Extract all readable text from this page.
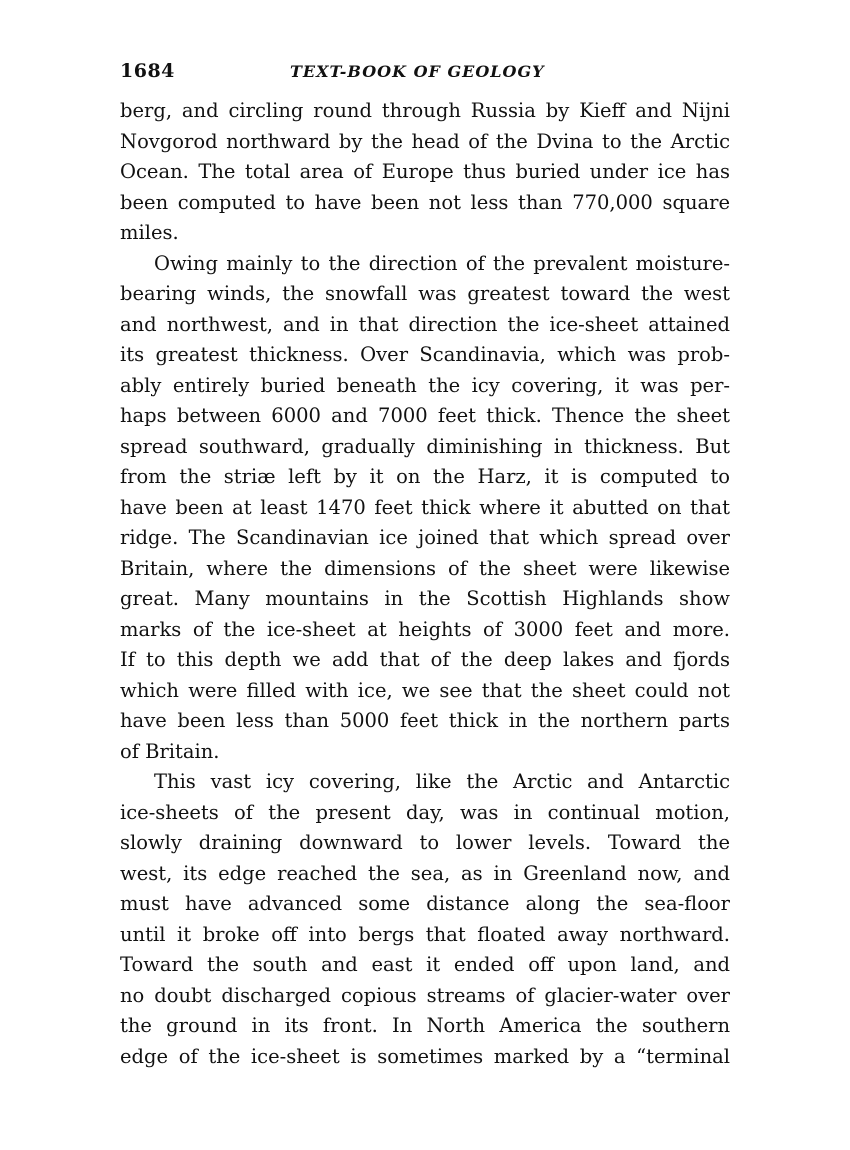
1684	TEXT-BOOK OF GEOLOGY
berg, and circling round through Russia by Kieff and Nijni
Novgorod northward by the head of the Dvina to the Arctic
Ocean. The total area of Europe thus buried under ice has
been computed to have been not less than 770,000 square
miles.
Owing mainly to the direction of the prevalent moisture-
bearing winds, the snowfall was greatest toward the west
and northwest, and in that direction the ice-sheet attained
its greatest thickness. Over Scandinavia, which was prob-
ably entirely buried beneath the icy covering, it was per-
haps between 6000 and 7000 feet thick. Thence the sheet
spread southward, gradually diminishing in thickness. But
from the striæ left by it on the Harz, it is computed to
have been at least 1470 feet thick where it abutted on that
ridge. The Scandinavian ice joined that which spread over
Britain, where the dimensions of the sheet were likewise
great. Many mountains in the Scottish Highlands show
marks of the ice-sheet at heights of 3000 feet and more.
If to this depth we add that of the deep lakes and fjords
which were filled with ice, we see that the sheet could not
have been less than 5000 feet thick in the northern parts
of Britain.
This vast icy covering, like the Arctic and Antarctic
ice-sheets of the present day, was in continual motion,
slowly draining downward to lower levels. Toward the
west, its edge reached the sea, as in Greenland now, and
must have advanced some distance along the sea-floor
until it broke off into bergs that floated away northward.
Toward the south and east it ended off upon land, and
no doubt discharged copious streams of glacier-water over
the ground in its front. In North America the southern
edge of the ice-sheet is sometimes marked by a “terminal
